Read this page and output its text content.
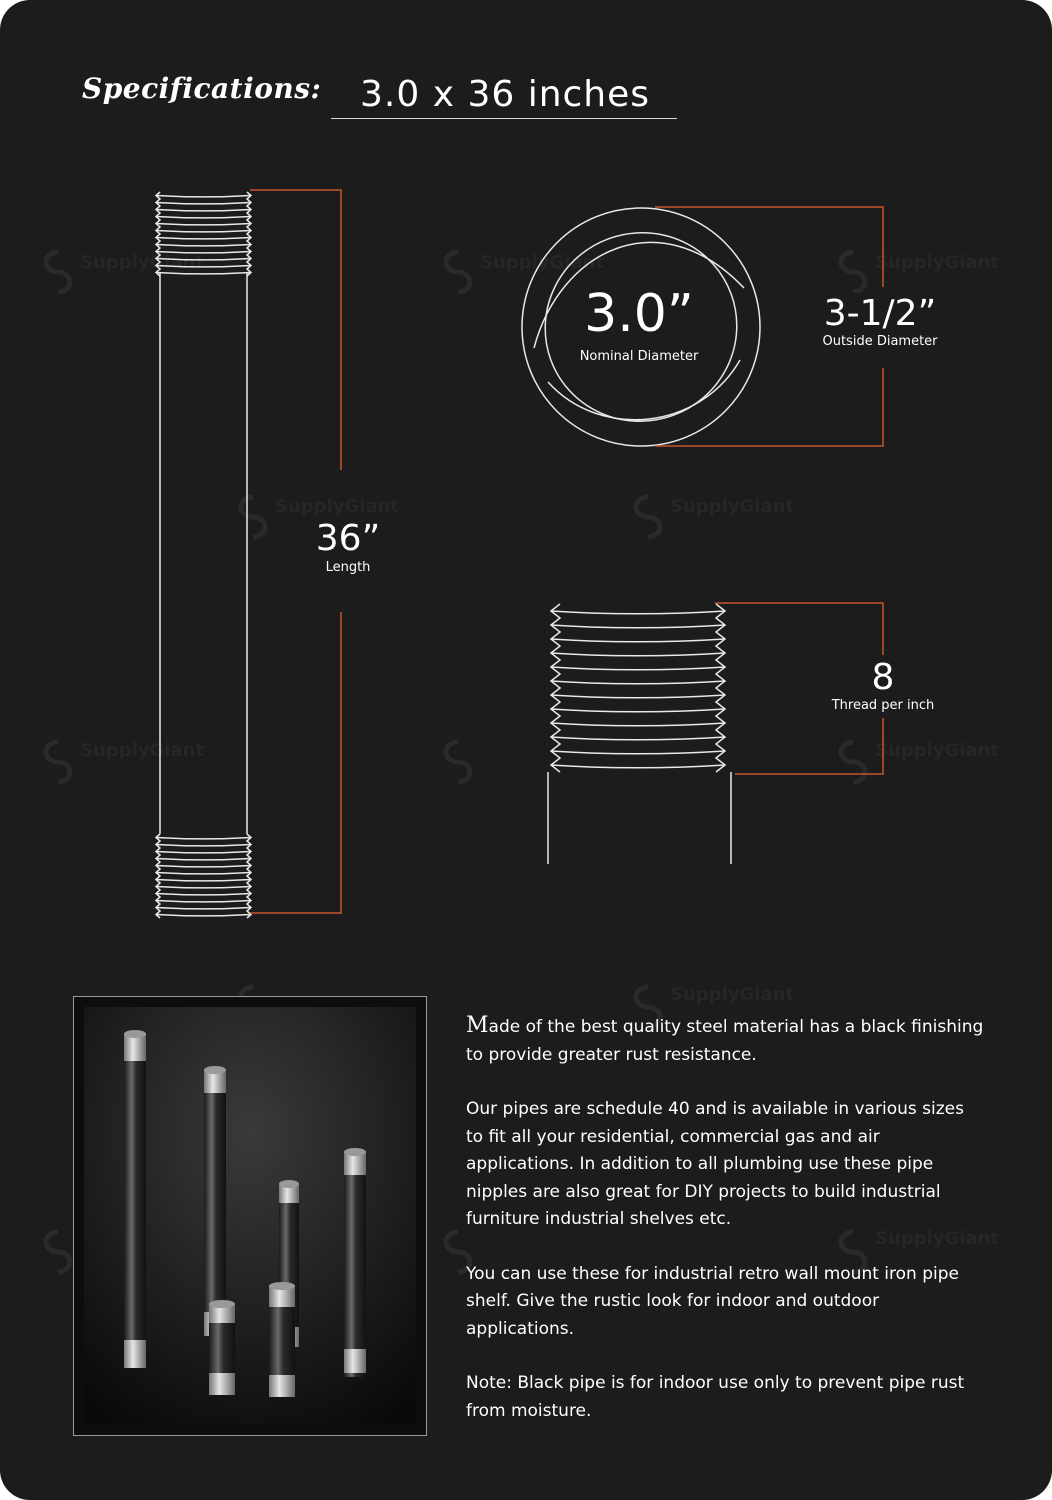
Specifications: 3.0 x 36 inches
SupplyGiant	SupplyGiant	SupplyGiant
SupplyGiant	SupplyGiant
SupplyGiant	SupplyGiant
SupplyGiant
SupplyGiant
36”
Length
3.0”
Nominal Diameter
3-1/2”
Outside Diameter
8
Thread per inch

Made of the best quality steel material has a black finishing to provide greater rust resistance.

Our pipes are schedule 40 and is available in various sizes to fit all your residential, commercial gas and air applications. In addition to all plumbing use these pipe nipples are also great for DIY projects to build industrial furniture industrial shelves etc.

You can use these for industrial retro wall mount iron pipe shelf. Give the rustic look for indoor and outdoor applications.

Note: Black pipe is for indoor use only to prevent pipe rust from moisture.
